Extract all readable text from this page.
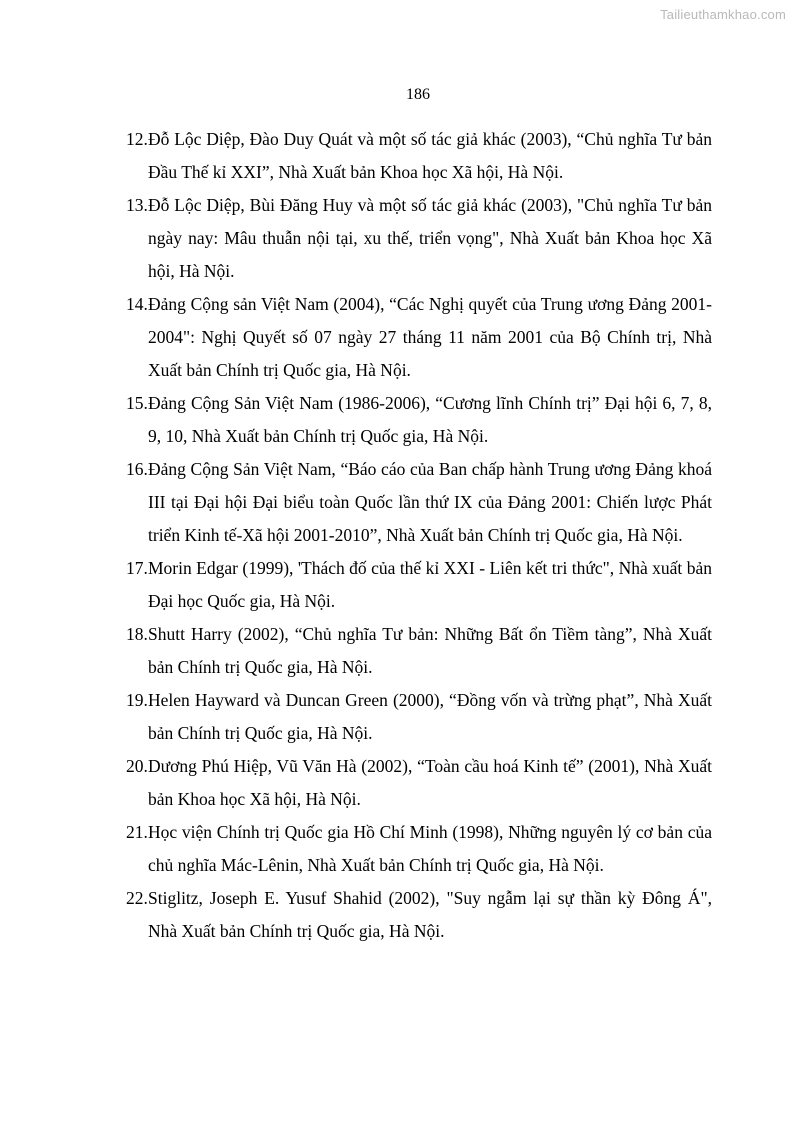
Tailieuthamkhao.com
186
12. Đỗ Lộc Diệp, Đào Duy Quát và một số tác giả khác (2003), “Chủ nghĩa Tư bản Đầu Thế kỉ XXI”, Nhà Xuất bản Khoa học Xã hội, Hà Nội.
13. Đỗ Lộc Diệp, Bùi Đăng Huy và một số tác giả khác (2003), "Chủ nghĩa Tư bản ngày nay: Mâu thuẫn nội tại, xu thế, triển vọng", Nhà Xuất bản Khoa học Xã hội, Hà Nội.
14. Đảng Cộng sản Việt Nam (2004), “Các Nghị quyết của Trung ương Đảng 2001-2004": Nghị Quyết số 07 ngày 27 tháng 11 năm 2001 của Bộ Chính trị, Nhà Xuất bản Chính trị Quốc gia, Hà Nội.
15. Đảng Cộng Sản Việt Nam (1986-2006), “Cương lĩnh Chính trị” Đại hội 6, 7, 8, 9, 10, Nhà Xuất bản Chính trị Quốc gia, Hà Nội.
16. Đảng Cộng Sản Việt Nam, “Báo cáo của Ban chấp hành Trung ương Đảng khoá III tại Đại hội Đại biểu toàn Quốc lần thứ IX của Đảng 2001: Chiến lược Phát triển Kinh tế-Xã hội 2001-2010”, Nhà Xuất bản Chính trị Quốc gia, Hà Nội.
17. Morin Edgar (1999), 'Thách đố của thế kỉ XXI - Liên kết tri thức", Nhà xuất bản Đại học Quốc gia, Hà Nội.
18. Shutt Harry (2002), “Chủ nghĩa Tư bản: Những Bất ổn Tiềm tàng”, Nhà Xuất bản Chính trị Quốc gia, Hà Nội.
19. Helen Hayward và Duncan Green (2000), “Đồng vốn và trừng phạt”, Nhà Xuất bản Chính trị Quốc gia, Hà Nội.
20. Dương Phú Hiệp, Vũ Văn Hà (2002), “Toàn cầu hoá Kinh tế” (2001), Nhà Xuất bản Khoa học Xã hội, Hà Nội.
21. Học viện Chính trị Quốc gia Hồ Chí Minh (1998), Những nguyên lý cơ bản của chủ nghĩa Mác-Lênin, Nhà Xuất bản Chính trị Quốc gia, Hà Nội.
22. Stiglitz, Joseph E. Yusuf Shahid (2002), "Suy ngẫm lại sự thần kỳ Đông Á", Nhà Xuất bản Chính trị Quốc gia, Hà Nội.
